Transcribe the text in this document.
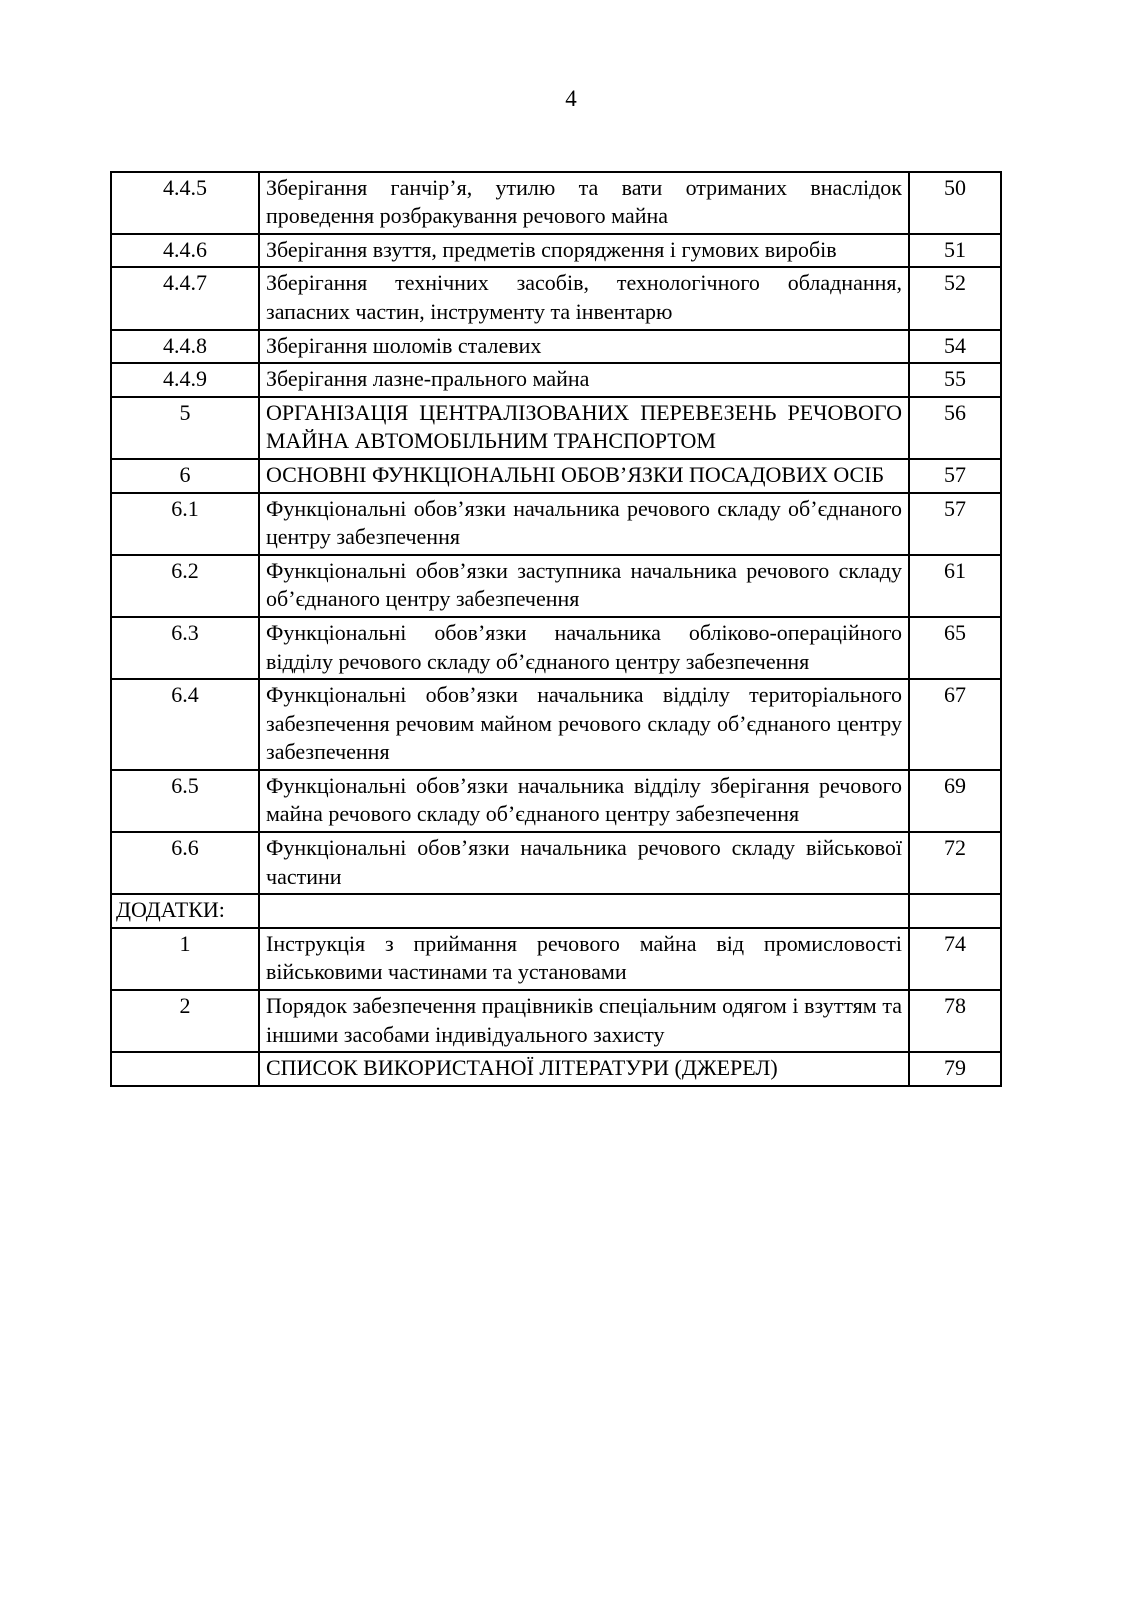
4
4.4.5	Зберігання ганчір’я, утилю та вати отриманих внаслідок проведення розбракування речового майна	50
4.4.6	Зберігання взуття, предметів спорядження і гумових виробів	51
4.4.7	Зберігання технічних засобів, технологічного обладнання, запасних частин, інструменту та інвентарю	52
4.4.8	Зберігання шоломів сталевих	54
4.4.9	Зберігання лазне-прального майна	55
5	ОРГАНІЗАЦІЯ ЦЕНТРАЛІЗОВАНИХ ПЕРЕВЕЗЕНЬ РЕЧОВОГО МАЙНА АВТОМОБІЛЬНИМ ТРАНСПОРТОМ	56
6	ОСНОВНІ ФУНКЦІОНАЛЬНІ ОБОВ’ЯЗКИ ПОСАДОВИХ ОСІБ	57
6.1	Функціональні обов’язки начальника речового складу об’єднаного центру забезпечення	57
6.2	Функціональні обов’язки заступника начальника речового складу об’єднаного центру забезпечення	61
6.3	Функціональні обов’язки начальника обліково-операційного відділу речового складу об’єднаного центру забезпечення	65
6.4	Функціональні обов’язки начальника відділу територіального забезпечення речовим майном речового складу об’єднаного центру забезпечення	67
6.5	Функціональні обов’язки начальника відділу зберігання речового майна речового складу об’єднаного центру забезпечення	69
6.6	Функціональні обов’язки начальника речового складу військової частини	72
ДОДАТКИ:		
1	Інструкція з приймання речового майна від промисловості військовими частинами та установами	74
2	Порядок забезпечення працівників спеціальним одягом і взуттям та іншими засобами індивідуального захисту	78
	СПИСОК ВИКОРИСТАНОЇ ЛІТЕРАТУРИ (ДЖЕРЕЛ)	79
